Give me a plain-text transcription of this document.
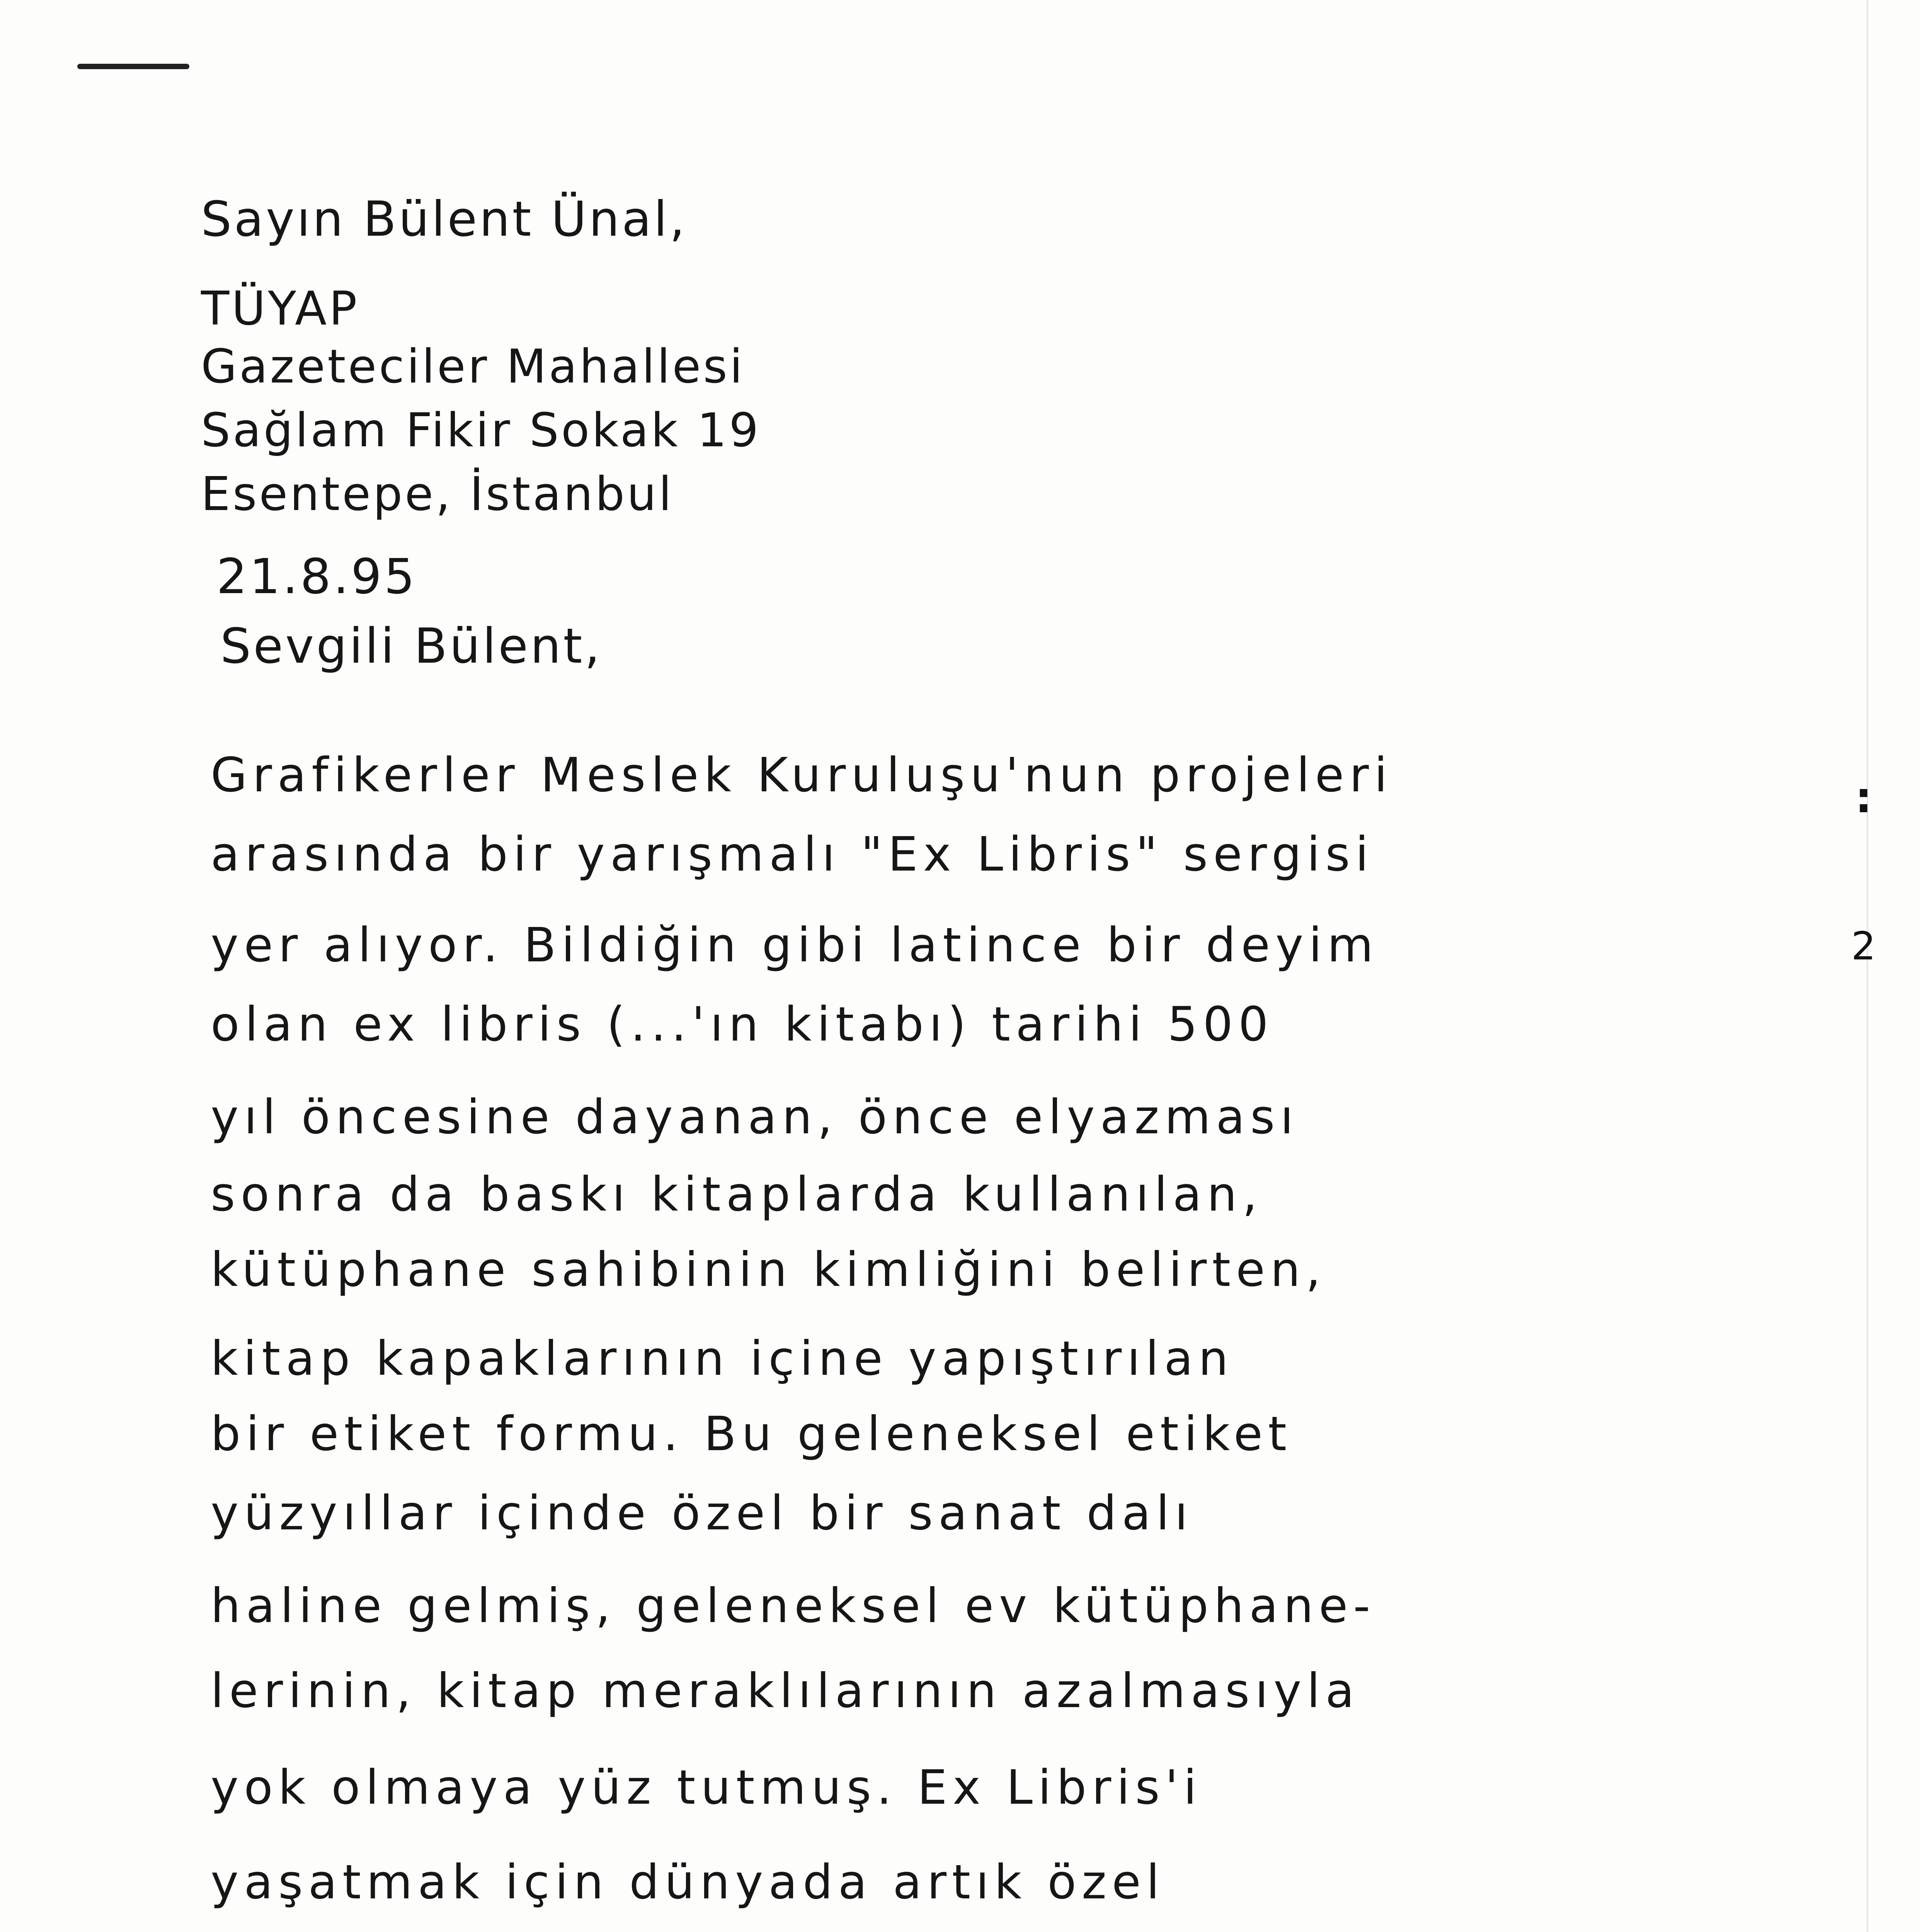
Sayın Bülent Ünal,

TÜYAP

Gazeteciler Mahallesi

Sağlam Fikir Sokak 19

Esentepe, İstanbul

21.8.95

Sevgili Bülent,

Grafikerler Meslek Kuruluşu'nun projeleri

arasında bir yarışmalı "Ex Libris" sergisi

yer alıyor. Bildiğin gibi latince bir deyim

olan ex libris (...'ın kitabı) tarihi 500

yıl öncesine dayanan, önce elyazması

sonra da baskı kitaplarda kullanılan,

kütüphane sahibinin kimliğini belirten,

kitap kapaklarının içine yapıştırılan

bir etiket formu. Bu geleneksel etiket

yüzyıllar içinde özel bir sanat dalı

haline gelmiş, geleneksel ev kütüphane-

lerinin, kitap meraklılarının azalmasıyla

yok olmaya yüz tutmuş. Ex Libris'i

yaşatmak için dünyada artık özel

:
2
